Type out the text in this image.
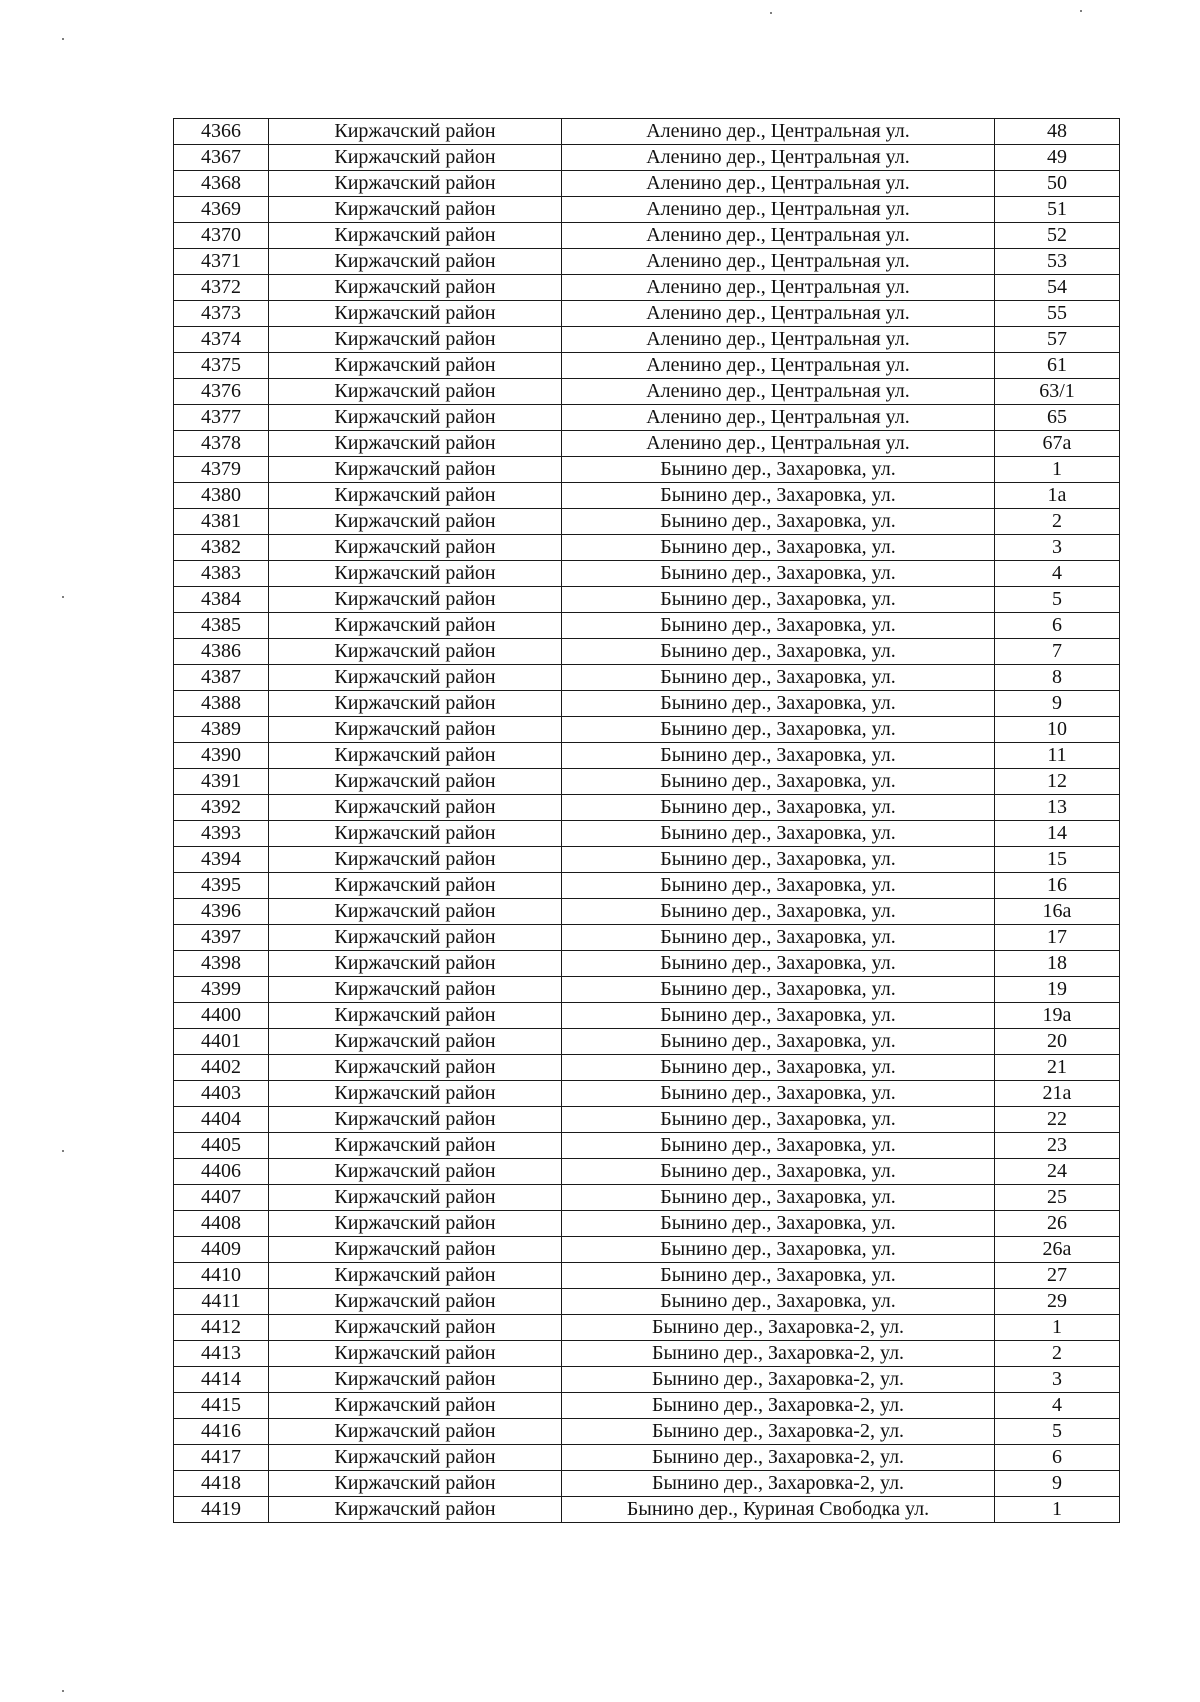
4366	Киржачский район	Аленино дер., Центральная ул.	48
4367	Киржачский район	Аленино дер., Центральная ул.	49
4368	Киржачский район	Аленино дер., Центральная ул.	50
4369	Киржачский район	Аленино дер., Центральная ул.	51
4370	Киржачский район	Аленино дер., Центральная ул.	52
4371	Киржачский район	Аленино дер., Центральная ул.	53
4372	Киржачский район	Аленино дер., Центральная ул.	54
4373	Киржачский район	Аленино дер., Центральная ул.	55
4374	Киржачский район	Аленино дер., Центральная ул.	57
4375	Киржачский район	Аленино дер., Центральная ул.	61
4376	Киржачский район	Аленино дер., Центральная ул.	63/1
4377	Киржачский район	Аленино дер., Центральная ул.	65
4378	Киржачский район	Аленино дер., Центральная ул.	67а
4379	Киржачский район	Бынино дер., Захаровка, ул.	1
4380	Киржачский район	Бынино дер., Захаровка, ул.	1а
4381	Киржачский район	Бынино дер., Захаровка, ул.	2
4382	Киржачский район	Бынино дер., Захаровка, ул.	3
4383	Киржачский район	Бынино дер., Захаровка, ул.	4
4384	Киржачский район	Бынино дер., Захаровка, ул.	5
4385	Киржачский район	Бынино дер., Захаровка, ул.	6
4386	Киржачский район	Бынино дер., Захаровка, ул.	7
4387	Киржачский район	Бынино дер., Захаровка, ул.	8
4388	Киржачский район	Бынино дер., Захаровка, ул.	9
4389	Киржачский район	Бынино дер., Захаровка, ул.	10
4390	Киржачский район	Бынино дер., Захаровка, ул.	11
4391	Киржачский район	Бынино дер., Захаровка, ул.	12
4392	Киржачский район	Бынино дер., Захаровка, ул.	13
4393	Киржачский район	Бынино дер., Захаровка, ул.	14
4394	Киржачский район	Бынино дер., Захаровка, ул.	15
4395	Киржачский район	Бынино дер., Захаровка, ул.	16
4396	Киржачский район	Бынино дер., Захаровка, ул.	16а
4397	Киржачский район	Бынино дер., Захаровка, ул.	17
4398	Киржачский район	Бынино дер., Захаровка, ул.	18
4399	Киржачский район	Бынино дер., Захаровка, ул.	19
4400	Киржачский район	Бынино дер., Захаровка, ул.	19а
4401	Киржачский район	Бынино дер., Захаровка, ул.	20
4402	Киржачский район	Бынино дер., Захаровка, ул.	21
4403	Киржачский район	Бынино дер., Захаровка, ул.	21а
4404	Киржачский район	Бынино дер., Захаровка, ул.	22
4405	Киржачский район	Бынино дер., Захаровка, ул.	23
4406	Киржачский район	Бынино дер., Захаровка, ул.	24
4407	Киржачский район	Бынино дер., Захаровка, ул.	25
4408	Киржачский район	Бынино дер., Захаровка, ул.	26
4409	Киржачский район	Бынино дер., Захаровка, ул.	26а
4410	Киржачский район	Бынино дер., Захаровка, ул.	27
4411	Киржачский район	Бынино дер., Захаровка, ул.	29
4412	Киржачский район	Бынино дер., Захаровка-2, ул.	1
4413	Киржачский район	Бынино дер., Захаровка-2, ул.	2
4414	Киржачский район	Бынино дер., Захаровка-2, ул.	3
4415	Киржачский район	Бынино дер., Захаровка-2, ул.	4
4416	Киржачский район	Бынино дер., Захаровка-2, ул.	5
4417	Киржачский район	Бынино дер., Захаровка-2, ул.	6
4418	Киржачский район	Бынино дер., Захаровка-2, ул.	9
4419	Киржачский район	Бынино дер., Куриная Свободка ул.	1
